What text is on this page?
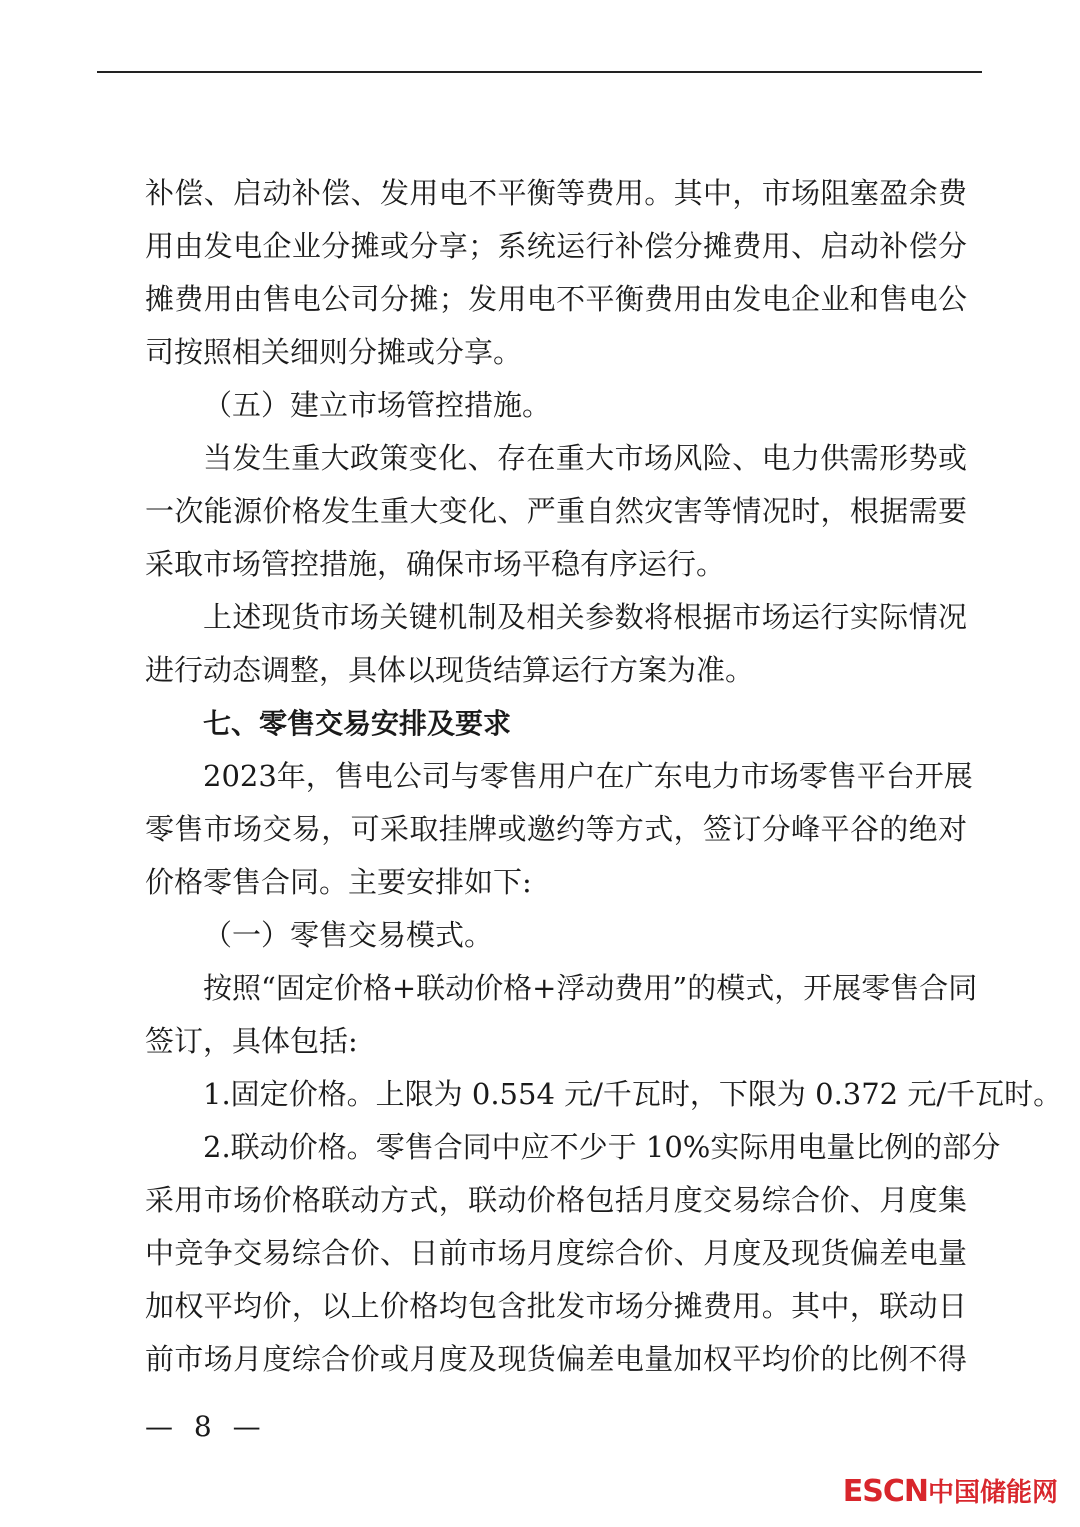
补偿、启动补偿、发用电不平衡等费用。其中，市场阻塞盈余费
用由发电企业分摊或分享；系统运行补偿分摊费用、启动补偿分
摊费用由售电公司分摊；发用电不平衡费用由发电企业和售电公
司按照相关细则分摊或分享。
（五）建立市场管控措施。
当发生重大政策变化、存在重大市场风险、电力供需形势或
一次能源价格发生重大变化、严重自然灾害等情况时，根据需要
采取市场管控措施，确保市场平稳有序运行。
上述现货市场关键机制及相关参数将根据市场运行实际情况
进行动态调整，具体以现货结算运行方案为准。
七、零售交易安排及要求
2023年，售电公司与零售用户在广东电力市场零售平台开展
零售市场交易，可采取挂牌或邀约等方式，签订分峰平谷的绝对
价格零售合同。主要安排如下:
（一）零售交易模式。
按照“固定价格+联动价格+浮动费用”的模式，开展零售合同
签订，具体包括:
1.固定价格。上限为 0.554 元/千瓦时，下限为 0.372 元/千瓦时。
2.联动价格。零售合同中应不少于 10%实际用电量比例的部分
采用市场价格联动方式，联动价格包括月度交易综合价、月度集
中竞争交易综合价、日前市场月度综合价、月度及现货偏差电量
加权平均价，以上价格均包含批发市场分摊费用。其中，联动日
前市场月度综合价或月度及现货偏差电量加权平均价的比例不得
— 8 —
ESCN中国储能网
